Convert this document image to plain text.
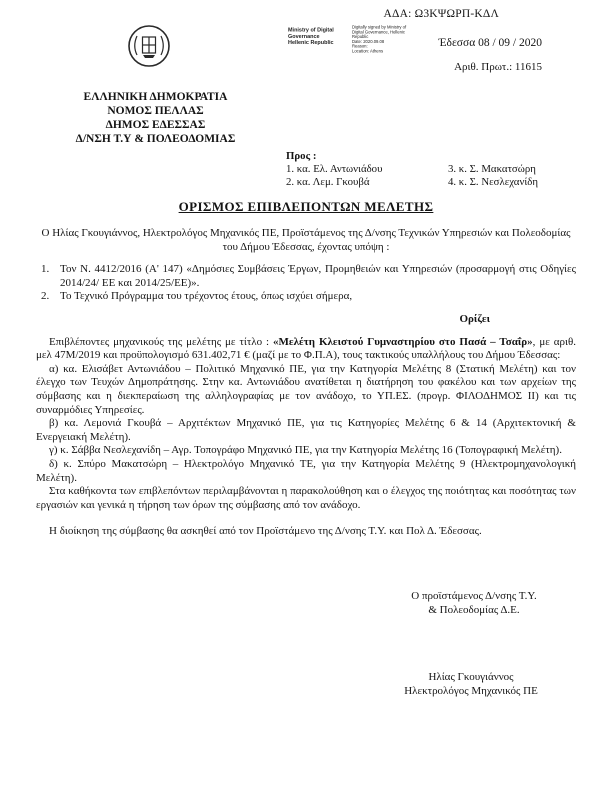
ΑΔΑ: Ω3ΚΨΩΡΠ-ΚΔΛ
Ministry of Digital
Governance
Hellenic Republic
Digitally signed by Ministry of
Digital Governance, Hellenic
Republic
Date: 2020.09.08
Reason:
Location: Athens
Έδεσσα 08 / 09 / 2020
Αριθ. Πρωτ.: 11615
ΕΛΛΗΝΙΚΗ ΔΗΜΟΚΡΑΤΙΑ
ΝΟΜΟΣ ΠΕΛΛΑΣ
ΔΗΜΟΣ ΕΔΕΣΣΑΣ
Δ/ΝΣΗ Τ.Υ & ΠΟΛΕΟΔΟΜΙΑΣ
Προς :
1. κα. Ελ. Αντωνιάδου
2. κα. Λεμ. Γκουβά
3. κ. Σ. Μακατσώρη
4. κ. Σ. Νεσλεχανίδη
ΟΡΙΣΜΟΣ ΕΠΙΒΛΕΠΟΝΤΩΝ ΜΕΛΕΤΗΣ

Ο Ηλίας Γκουγιάννος, Ηλεκτρολόγος Μηχανικός ΠΕ, Προϊστάμενος της Δ/νσης Τεχνικών Υπηρεσιών και Πολεοδομίας του Δήμου Έδεσσας, έχοντας υπόψη :

1. Τον Ν. 4412/2016 (Α' 147) «Δημόσιες Συμβάσεις Έργων, Προμηθειών και Υπηρεσιών (προσαρμογή στις Οδηγίες 2014/24/ ΕΕ και 2014/25/ΕΕ)».
2. Το Τεχνικό Πρόγραμμα του τρέχοντος έτους, όπως ισχύει σήμερα,

Ορίζει

Επιβλέποντες μηχανικούς της μελέτης με τίτλο : «Μελέτη Κλειστού Γυμναστηρίου στο Πασά – Τσαΐρ», με αριθ. μελ 47Μ/2019 και προϋπολογισμό 631.402,71 € (μαζί με το Φ.Π.Α), τους τακτικούς υπαλλήλους του Δήμου Έδεσσας:

α) κα. Ελισάβετ Αντωνιάδου – Πολιτικό Μηχανικό ΠΕ, για την Κατηγορία Μελέτης 8 (Στατική Μελέτη) και τον έλεγχο των Τευχών Δημοπράτησης. Στην κα. Αντωνιάδου ανατίθεται η διατήρηση του φακέλου και των αρχείων της σύμβασης και η διεκπεραίωση της αλληλογραφίας με τον ανάδοχο, το ΥΠ.ΕΣ. (προγρ. ΦΙΛΟΔΗΜΟΣ ΙΙ) και τις συναρμόδιες Υπηρεσίες.

β) κα. Λεμονιά Γκουβά – Αρχιτέκτων Μηχανικό ΠΕ, για τις Κατηγορίες Μελέτης 6 & 14 (Αρχιτεκτονική & Ενεργειακή Μελέτη).

γ) κ. Σάββα Νεσλεχανίδη – Αγρ. Τοπογράφο Μηχανικό ΠΕ, για την Κατηγορία Μελέτης 16 (Τοπογραφική Μελέτη).

δ) κ. Σπύρο Μακατσώρη – Ηλεκτρολόγο Μηχανικό ΤΕ, για την Κατηγορία Μελέτης 9 (Ηλεκτρομηχανολογική Μελέτη).

Στα καθήκοντα των επιβλεπόντων περιλαμβάνονται η παρακολούθηση και ο έλεγχος της ποιότητας και ποσότητας των εργασιών και γενικά η τήρηση των όρων της σύμβασης από τον ανάδοχο.

Η διοίκηση της σύμβασης θα ασκηθεί από τον Προϊστάμενο της Δ/νσης Τ.Υ. και Πολ Δ. Έδεσσας.

Ο προϊστάμενος Δ/νσης Τ.Υ.
& Πολεοδομίας Δ.Ε.
Ηλίας Γκουγιάννος
Ηλεκτρολόγος Μηχανικός ΠΕ
